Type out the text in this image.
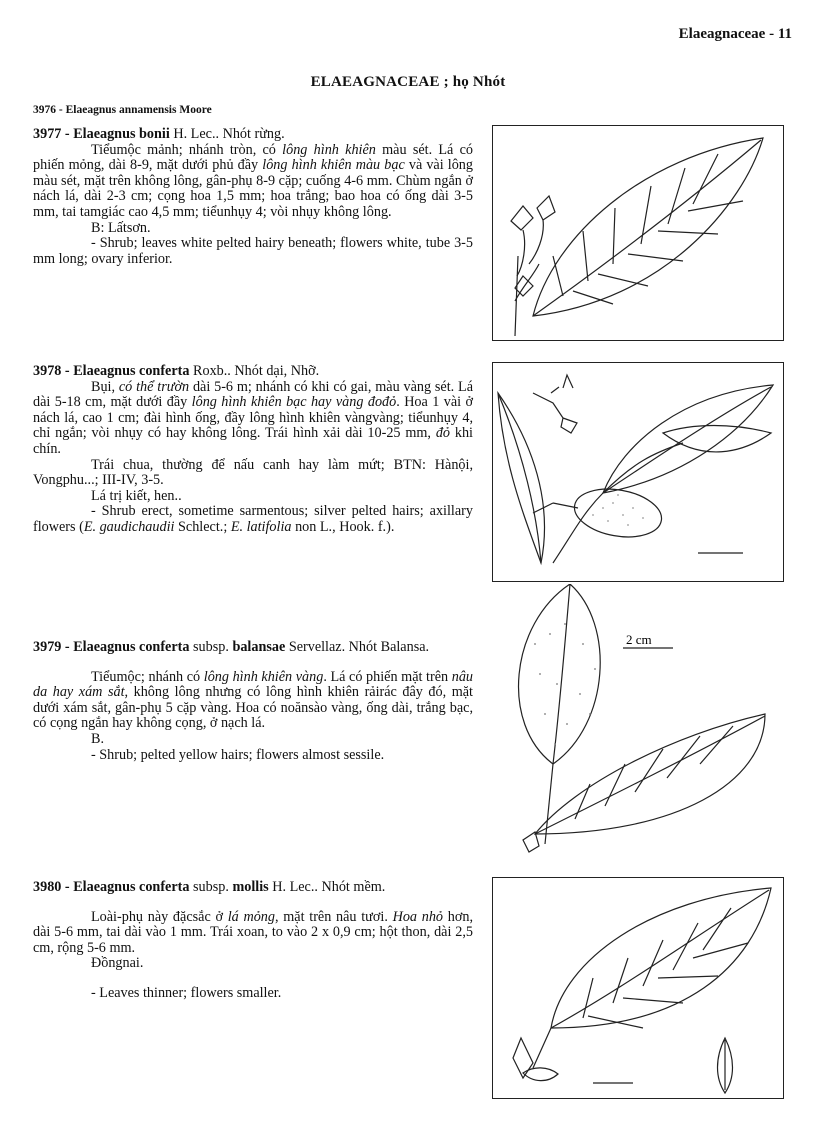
Elaeagnaceae - 11
ELAEAGNACEAE ; họ Nhót
3976 - Elaeagnus annamensis Moore

3977 - Elaeagnus bonii H. Lec.. Nhót rừng.

Tiểumộc mảnh; nhánh tròn, có lông hình khiên màu sét. Lá có phiến mỏng, dài 8-9, mặt dưới phủ đầy lông hình khiên màu bạc và vài lông màu sét, mặt trên không lông, gân-phụ 8-9 cặp; cuống 4-6 mm. Chùm ngắn ở nách lá, dài 2-3 cm; cọng hoa 1,5 mm; hoa trắng; bao hoa có ống dài 3-5 mm, tai tamgiác cao 4,5 mm; tiểunhụy 4; vòi nhụy không lông.

B: Lấtsơn.

- Shrub; leaves white pelted hairy beneath; flowers white, tube 3-5 mm long; ovary inferior.

3978 - Elaeagnus conferta Roxb.. Nhót dại, Nhỡ.

Bụi, có thể trườn dài 5-6 m; nhánh có khi có gai, màu vàng sét. Lá dài 5-18 cm, mặt dưới đầy lông hình khiên bạc hay vàng đođỏ. Hoa 1 vài ở nách lá, cao 1 cm; đài hình ống, đầy lông hình khiên vàngvàng; tiểunhụy 4, chỉ ngắn; vòi nhụy có hay không lông. Trái hình xải dài 10-25 mm, đỏ khi chín.

Trái chua, thường để nấu canh hay làm mứt; BTN: Hànội, Vongphu...; III-IV, 3-5.

Lá trị kiết, hen..

- Shrub erect, sometime sarmentous; silver pelted hairs; axillary flowers (E. gaudichaudii Schlect.; E. latifolia non L., Hook. f.).

3979 - Elaeagnus conferta subsp. balansae Servellaz. Nhót Balansa.

Tiểumộc; nhánh có lông hình khiên vàng. Lá có phiến mặt trên nâu da hay xám sắt, không lông nhưng có lông hình khiên rảirác đây đó, mặt dưới xám sắt, gân-phụ 5 cặp vàng. Hoa có noănsào vàng, ống dài, trắng bạc, có cọng ngắn hay không cọng, ở nạch lá.

B.

- Shrub; pelted yellow hairs; flowers almost sessile.

3980 - Elaeagnus conferta subsp. mollis H. Lec.. Nhót mềm.

Loài-phụ này đặcsắc ở lá mỏng, mặt trên nâu tươi. Hoa nhỏ hơn, dài 5-6 mm, tai dài vào 1 mm. Trái xoan, to vào 2 x 0,9 cm; hột thon, dài 2,5 cm, rộng 5-6 mm.

Đồngnai.

- Leaves thinner; flowers smaller.

2 cm
